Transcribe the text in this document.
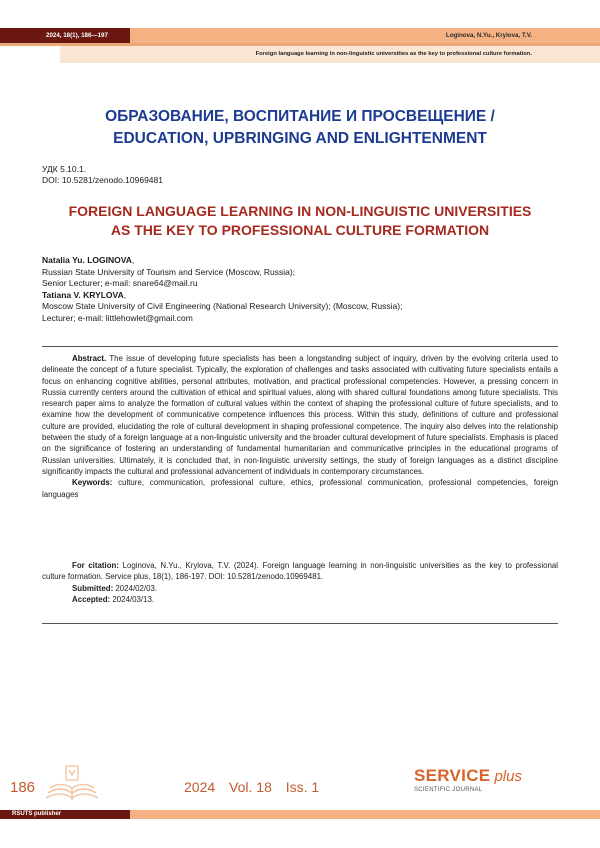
2024, 18(1), 186—197	Loginova, N.Yu., Krylova, T.V.
Foreign language learning in non-linguistic universities as the key to professional culture formation.
ОБРАЗОВАНИЕ, ВОСПИТАНИЕ И ПРОСВЕЩЕНИЕ /
EDUCATION, UPBRINGING AND ENLIGHTENMENT
УДК 5.10.1.
DOI: 10.5281/zenodo.10969481
FOREIGN LANGUAGE LEARNING IN NON-LINGUISTIC UNIVERSITIES
AS THE KEY TO PROFESSIONAL CULTURE FORMATION
Natalia Yu. LOGINOVA,
Russian State University of Tourism and Service (Moscow, Russia);
Senior Lecturer; e-mail: snare64@mail.ru
Tatiana V. KRYLOVA,
Moscow State University of Civil Engineering (National Research University); (Moscow, Russia);
Lecturer; e-mail: littlehowlet@gmail.com

Abstract. The issue of developing future specialists has been a longstanding subject of inquiry, driven by the evolving criteria used to delineate the concept of a future specialist. Typically, the exploration of challenges and tasks associated with cultivating future specialists entails a focus on enhancing cognitive abilities, personal attributes, motivation, and practical professional competencies. However, a pressing concern in Russia currently centers around the cultivation of ethical and spiritual values, along with shared cultural foundations among future specialists. This research paper aims to analyze the formation of cultural values within the context of shaping the professional culture of future specialists, and to examine how the development of communicative competence influences this process. Within this study, definitions of culture and professional culture are provided, elucidating the role of cultural development in shaping professional competence. The inquiry also delves into the relationship between the study of a foreign language at a non-linguistic university and the broader cultural development of future specialists. Emphasis is placed on the significance of fostering an understanding of fundamental humanitarian and communicative principles in the educational programs of Russian universities. Ultimately, it is concluded that, in non-linguistic university settings, the study of foreign languages as a distinct discipline significantly impacts the cultural and professional advancement of individuals in contemporary circumstances.

Keywords: culture, communication, professional culture, ethics, professional communication, professional competencies, foreign languages

For citation: Loginova, N.Yu., Krylova, T.V. (2024). Foreign language learning in non-linguistic universities as the key to professional culture formation. Service plus, 18(1), 186-197. DOI: 10.5281/zenodo.10969481.

Submitted: 2024/02/03.

Accepted: 2024/03/13.

186	2024 Vol. 18 Iss. 1
SERVICE plus
SCIENTIFIC JOURNAL
RSUTS publisher
